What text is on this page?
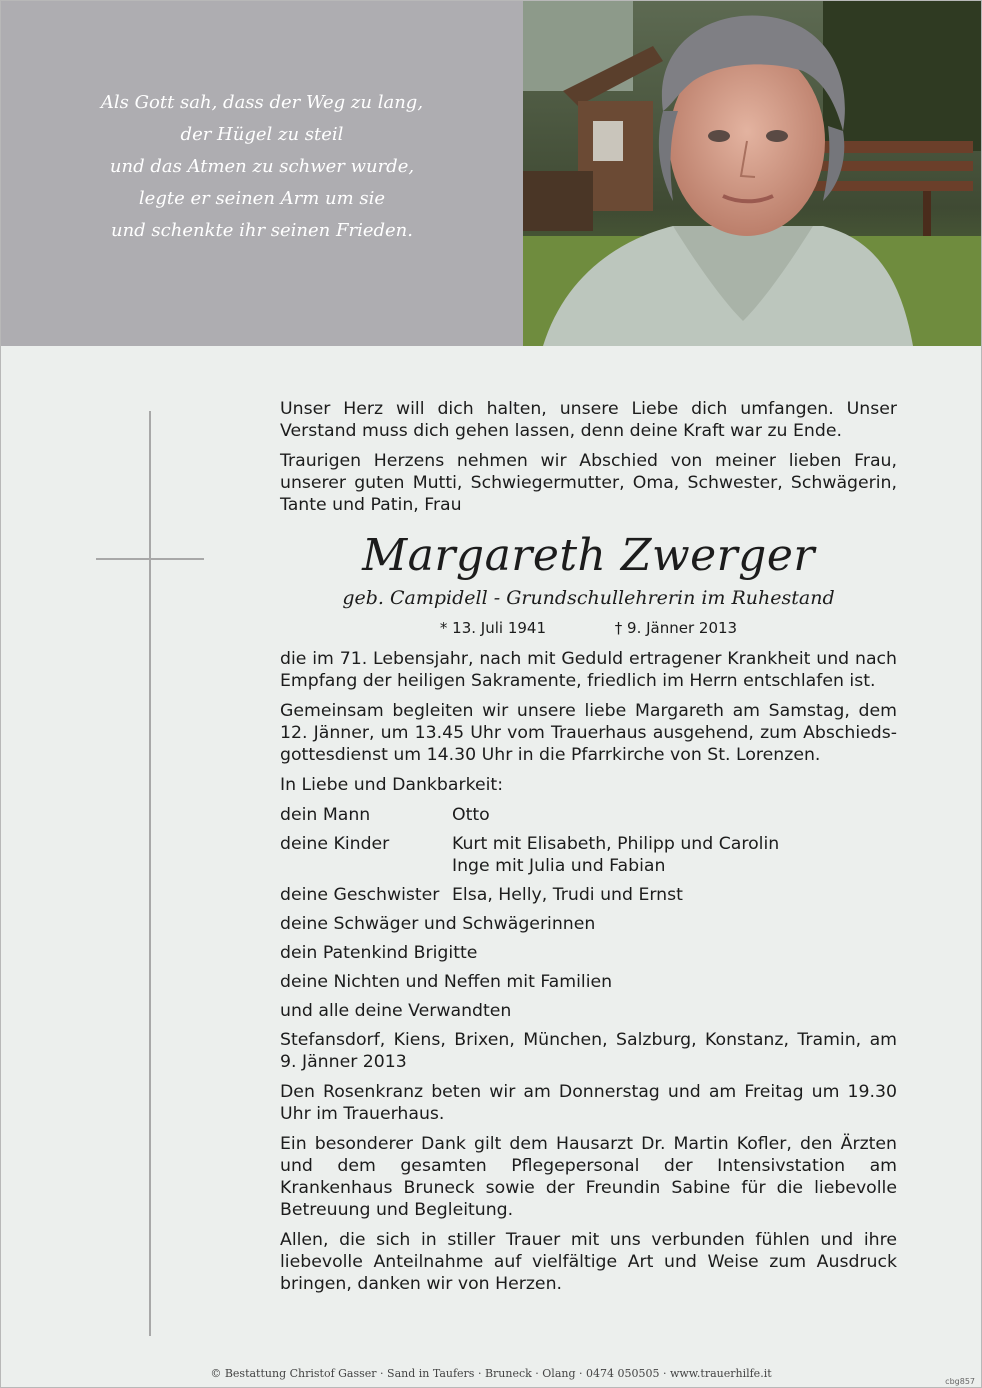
Als Gott sah, dass der Weg zu lang,
der Hügel zu steil
und das Atmen zu schwer wurde,
legte er seinen Arm um sie
und schenkte ihr seinen Frieden.

Unser Herz will dich halten, unsere Liebe dich umfangen. Unser Verstand muss dich gehen lassen, denn deine Kraft war zu Ende.

Traurigen Herzens nehmen wir Abschied von meiner lieben Frau, unserer guten Mutti, Schwiegermutter, Oma, Schwester, Schwägerin, Tante und Patin, Frau

Margareth Zwerger
geb. Campidell - Grundschullehrerin im Ruhestand
* 13. Juli 1941	† 9. Jänner 2013

die im 71. Lebensjahr, nach mit Geduld ertragener Krankheit und nach Empfang der heiligen Sakramente, friedlich im Herrn entschlafen ist.

Gemeinsam begleiten wir unsere liebe Margareth am Samstag, dem 12. Jänner, um 13.45 Uhr vom Trauerhaus ausgehend, zum Abschieds-gottesdienst um 14.30 Uhr in die Pfarrkirche von St. Lorenzen.

In Liebe und Dankbarkeit:

dein Mann	Otto
deine Kinder	Kurt mit Elisabeth, Philipp und Carolin
Inge mit Julia und Fabian
deine Geschwister Elsa, Helly, Trudi und Ernst
deine Schwäger und Schwägerinnen
dein Patenkind Brigitte
deine Nichten und Neffen mit Familien
und alle deine Verwandten

Stefansdorf, Kiens, Brixen, München, Salzburg, Konstanz, Tramin, am 9. Jänner 2013

Den Rosenkranz beten wir am Donnerstag und am Freitag um 19.30 Uhr im Trauerhaus.

Ein besonderer Dank gilt dem Hausarzt Dr. Martin Kofler, den Ärzten und dem gesamten Pflegepersonal der Intensivstation am Krankenhaus Bruneck sowie der Freundin Sabine für die liebevolle Betreuung und Begleitung.

Allen, die sich in stiller Trauer mit uns verbunden fühlen und ihre liebevolle Anteilnahme auf vielfältige Art und Weise zum Ausdruck bringen, danken wir von Herzen.

© Bestattung Christof Gasser · Sand in Taufers · Bruneck · Olang · 0474 050505 · www.trauerhilfe.it
cbg857
